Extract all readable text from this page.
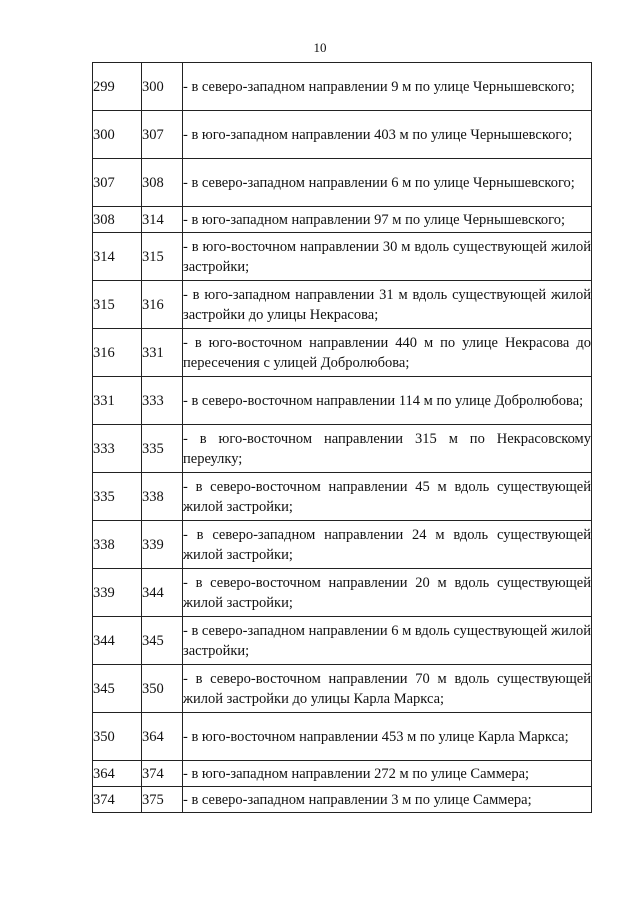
10
299	300	- в северо-западном направлении 9 м по улице Чернышевского;
300	307	- в юго-западном направлении 403 м по улице Чернышевского;
307	308	- в северо-западном направлении 6 м по улице Чернышевского;
308	314	- в юго-западном направлении 97 м по улице Чернышевского;
314	315	- в юго-восточном направлении 30 м вдоль существующей жилой застройки;
315	316	- в юго-западном направлении 31 м вдоль существующей жилой застройки до улицы Некрасова;
316	331	- в юго-восточном направлении 440 м по улице Некрасова до пересечения с улицей Добролюбова;
331	333	- в северо-восточном направлении 114 м по улице Добролюбова;
333	335	- в юго-восточном направлении 315 м по Некрасовскому переулку;
335	338	- в северо-восточном направлении 45 м вдоль существующей жилой застройки;
338	339	- в северо-западном направлении 24 м вдоль существующей жилой застройки;
339	344	- в северо-восточном направлении 20 м вдоль существующей жилой застройки;
344	345	- в северо-западном направлении 6 м вдоль существующей жилой застройки;
345	350	- в северо-восточном направлении 70 м вдоль существующей жилой застройки до улицы Карла Маркса;
350	364	- в юго-восточном направлении 453 м по улице Карла Маркса;
364	374	- в юго-западном направлении 272 м по улице Саммера;
374	375	- в северо-западном направлении 3 м по улице Саммера;
